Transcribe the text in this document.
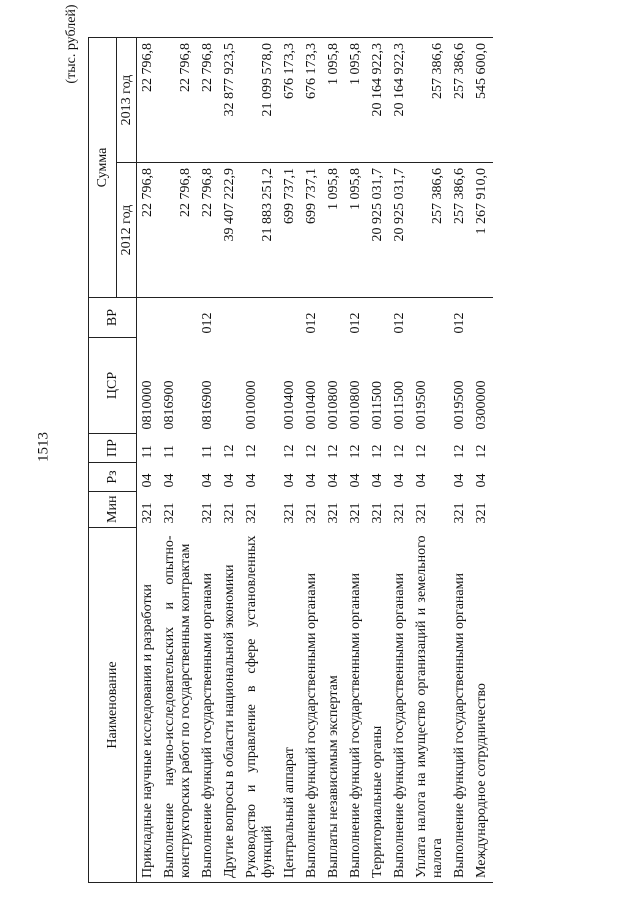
1513
(тыс. рублей)
Наименование	Мин	Рз	ПР	ЦСР	ВР	Сумма	
						2012 год	2013 год
Прикладные научные исследования и разработки	321	04	11	0810000		22 796,8	22 796,8
Выполнение научно-исследовательских и опытно-конструкторских работ по государственным контрактам	321	04	11	0816900		22 796,8	22 796,8
Выполнение функций государственными органами	321	04	11	0816900	012	22 796,8	22 796,8
Другие вопросы в области национальной экономики	321	04	12			39 407 222,9	32 877 923,5
Руководство и управление в сфере установленных функций	321	04	12	0010000		21 883 251,2	21 099 578,0
Центральный аппарат	321	04	12	0010400		699 737,1	676 173,3
Выполнение функций государственными органами	321	04	12	0010400	012	699 737,1	676 173,3
Выплаты независимым экспертам	321	04	12	0010800		1 095,8	1 095,8
Выполнение функций государственными органами	321	04	12	0010800	012	1 095,8	1 095,8
Территориальные органы	321	04	12	0011500		20 925 031,7	20 164 922,3
Выполнение функций государственными органами	321	04	12	0011500	012	20 925 031,7	20 164 922,3
Уплата налога на имущество организаций и земельного налога	321	04	12	0019500		257 386,6	257 386,6
Выполнение функций государственными органами	321	04	12	0019500	012	257 386,6	257 386,6
Международное сотрудничество	321	04	12	0300000		1 267 910,0	545 600,0
